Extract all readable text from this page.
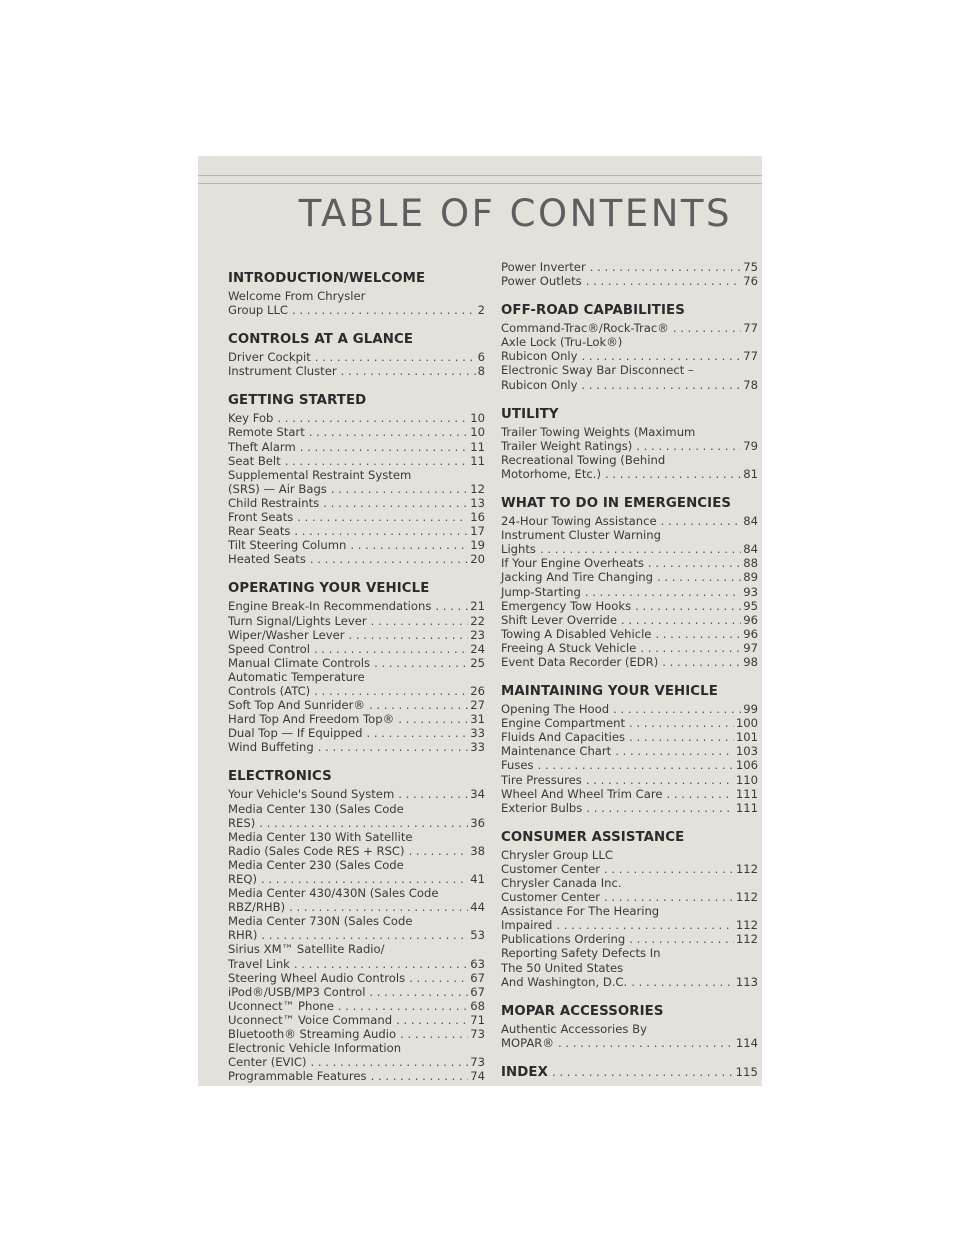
TABLE OF CONTENTS
INTRODUCTION/WELCOME
Welcome From Chrysler
Group LLC . . .	2
CONTROLS AT A GLANCE
Driver Cockpit . . .	6
Instrument Cluster . . .	8
GETTING STARTED
Key Fob . . .	10
Remote Start . . .	10
Theft Alarm . . .	11
Seat Belt . . .	11
Supplemental Restraint System
(SRS) — Air Bags . . .	12
Child Restraints . . .	13
Front Seats . . .	16
Rear Seats . . .	17
Tilt Steering Column . . .	19
Heated Seats . . .	20
OPERATING YOUR VEHICLE
Engine Break-In Recommendations . . .	21
Turn Signal/Lights Lever . . .	22
Wiper/Washer Lever . . .	23
Speed Control . . .	24
Manual Climate Controls . . .	25
Automatic Temperature
Controls (ATC) . . .	26
Soft Top And Sunrider® . . .	27
Hard Top And Freedom Top® . . .	31
Dual Top — If Equipped . . .	33
Wind Buffeting . . .	33
ELECTRONICS
Your Vehicle's Sound System . . .	34
Media Center 130 (Sales Code
RES) . . .	36
Media Center 130 With Satellite
Radio (Sales Code RES + RSC) . . .	38
Media Center 230 (Sales Code
REQ) . . .	41
Media Center 430/430N (Sales Code
RBZ/RHB) . . .	44
Media Center 730N (Sales Code
RHR) . . .	53
Sirius XM™ Satellite Radio/
Travel Link . . .	63
Steering Wheel Audio Controls . . .	67
iPod®/USB/MP3 Control . . .	67
Uconnect™ Phone . . .	68
Uconnect™ Voice Command . . .	71
Bluetooth® Streaming Audio . . .	73
Electronic Vehicle Information
Center (EVIC) . . .	73
Programmable Features . . .	74
Power Inverter . . .	75
Power Outlets . . .	76
OFF-ROAD CAPABILITIES
Command-Trac®/Rock-Trac® . . .	77
Axle Lock (Tru-Lok®)
Rubicon Only . . .	77
Electronic Sway Bar Disconnect –
Rubicon Only . . .	78
UTILITY
Trailer Towing Weights (Maximum
Trailer Weight Ratings) . . .	79
Recreational Towing (Behind
Motorhome, Etc.) . . .	81
WHAT TO DO IN EMERGENCIES
24-Hour Towing Assistance . . .	84
Instrument Cluster Warning
Lights . . .	84
If Your Engine Overheats . . .	88
Jacking And Tire Changing . . .	89
Jump-Starting . . .	93
Emergency Tow Hooks . . .	95
Shift Lever Override . . .	96
Towing A Disabled Vehicle . . .	96
Freeing A Stuck Vehicle . . .	97
Event Data Recorder (EDR) . . .	98
MAINTAINING YOUR VEHICLE
Opening The Hood . . .	99
Engine Compartment . . .	100
Fluids And Capacities . . .	101
Maintenance Chart . . .	103
Fuses . . .	106
Tire Pressures . . .	110
Wheel And Wheel Trim Care . . .	111
Exterior Bulbs . . .	111
CONSUMER ASSISTANCE
Chrysler Group LLC
Customer Center . . .	112
Chrysler Canada Inc.
Customer Center . . .	112
Assistance For The Hearing
Impaired . . .	112
Publications Ordering . . .	112
Reporting Safety Defects In
The 50 United States
And Washington, D.C. . . .	113
MOPAR ACCESSORIES
Authentic Accessories By
MOPAR® . . .	114
INDEX . . .	115
